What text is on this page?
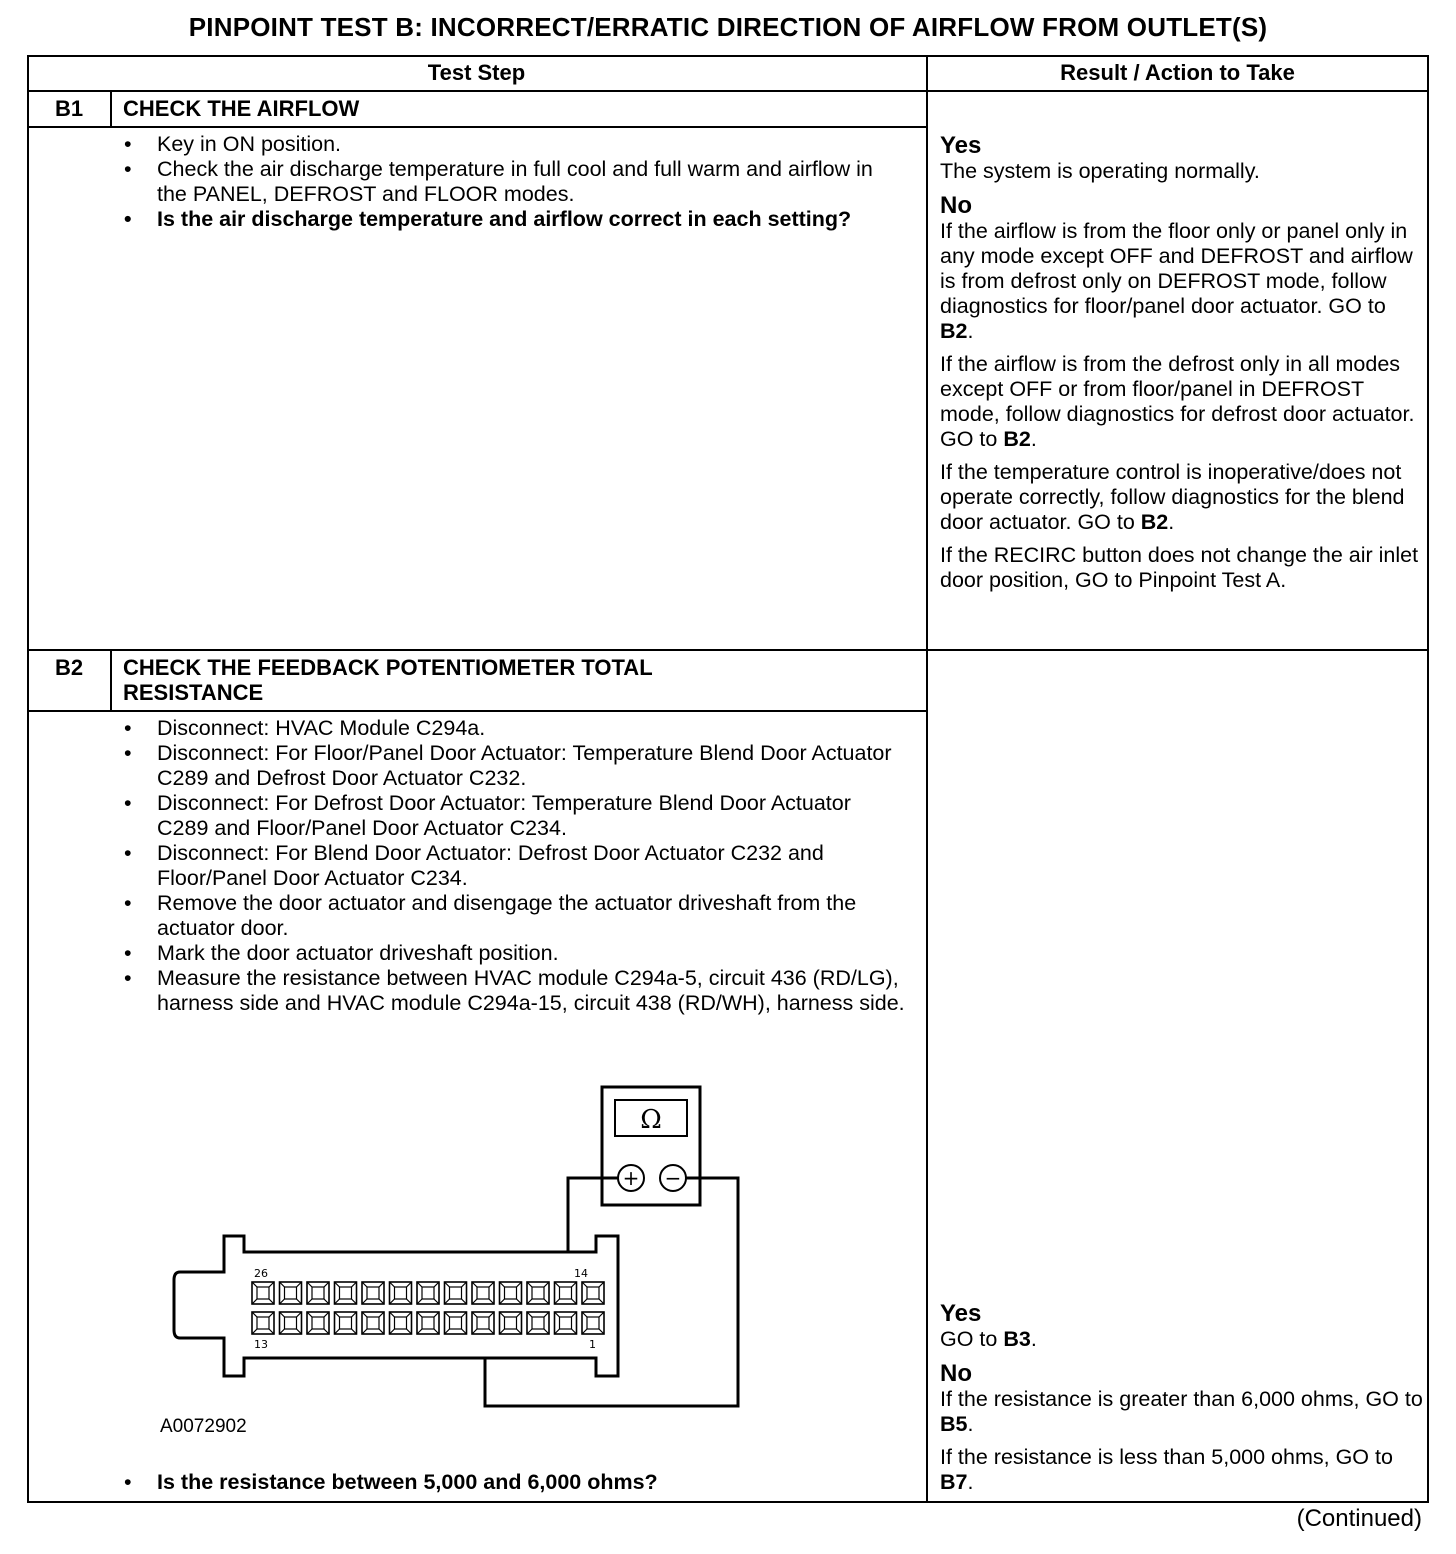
PINPOINT TEST B: INCORRECT/ERRATIC DIRECTION OF AIRFLOW FROM OUTLET(S)
Test Step	Result / Action to Take
B1	CHECK THE AIRFLOW
• Key in ON position.
• Check the air discharge temperature in full cool and full warm and airflow in the PANEL, DEFROST and FLOOR modes.
• Is the air discharge temperature and airflow correct in each setting?
Yes

The system is operating normally.

No

If the airflow is from the floor only or panel only in any mode except OFF and DEFROST and airflow is from defrost only on DEFROST mode, follow diagnostics for floor/panel door actuator. GO to B2.

If the airflow is from the defrost only in all modes except OFF or from floor/panel in DEFROST mode, follow diagnostics for defrost door actuator. GO to B2.

If the temperature control is inoperative/does not operate correctly, follow diagnostics for the blend door actuator. GO to B2.

If the RECIRC button does not change the air inlet door position, GO to Pinpoint Test A.

B2	CHECK THE FEEDBACK POTENTIOMETER TOTAL RESISTANCE
• Disconnect: HVAC Module C294a.
• Disconnect: For Floor/Panel Door Actuator: Temperature Blend Door Actuator C289 and Defrost Door Actuator C232.
• Disconnect: For Defrost Door Actuator: Temperature Blend Door Actuator C289 and Floor/Panel Door Actuator C234.
• Disconnect: For Blend Door Actuator: Defrost Door Actuator C232 and Floor/Panel Door Actuator C234.
• Remove the door actuator and disengage the actuator driveshaft from the actuator door.
• Mark the door actuator driveshaft position.
• Measure the resistance between HVAC module C294a-5, circuit 436 (RD/LG), harness side and HVAC module C294a-15, circuit 438 (RD/WH), harness side.
Ω
+ −
26	14
13	1
A0072902
• Is the resistance between 5,000 and 6,000 ohms?
Yes

GO to B3.

No

If the resistance is greater than 6,000 ohms, GO to B5.

If the resistance is less than 5,000 ohms, GO to B7.

(Continued)
